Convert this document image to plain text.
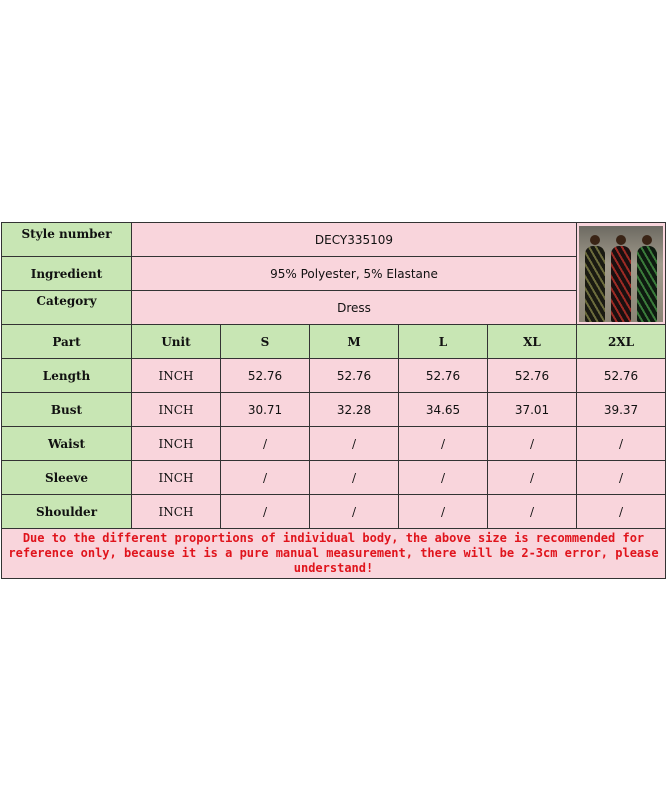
Style number	DECY335109					

Ingredient	95% Polyester, 5% Elastane					
Category	Dress					
Part	Unit	S	M	L	XL	2XL
Length	INCH	52.76	52.76	52.76	52.76	52.76
Bust	INCH	30.71	32.28	34.65	37.01	39.37
Waist	INCH	/	/	/	/	/
Sleeve	INCH	/	/	/	/	/
Shoulder	INCH	/	/	/	/	/
Due to the different proportions of individual body, the above size is recommended for reference only, because it is a pure manual measurement, there will be 2-3cm error, please understand!						
